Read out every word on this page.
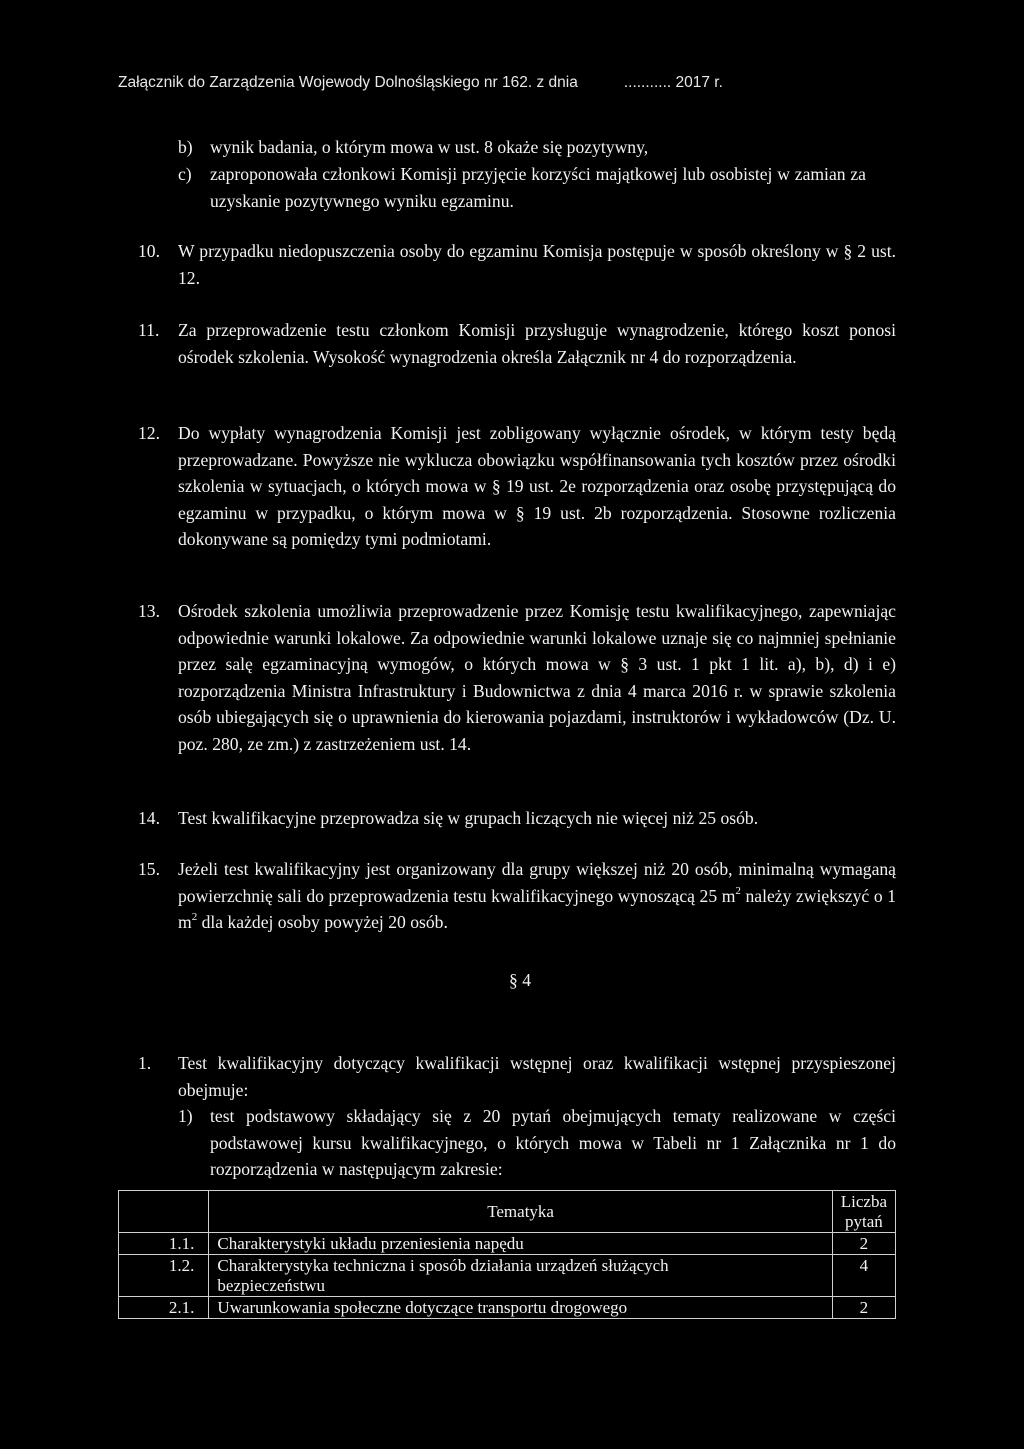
Załącznik do Zarządzenia Wojewody Dolnośląskiego nr 162. z dnia	........... 2017 r.
b) wynik badania, o którym mowa w ust. 8 okaże się pozytywny,
c) zaproponowała członkowi Komisji przyjęcie korzyści majątkowej lub osobistej w zamian za uzyskanie pozytywnego wyniku egzaminu.
10. W przypadku niedopuszczenia osoby do egzaminu Komisja postępuje w sposób określony w § 2 ust. 12.
11. Za przeprowadzenie testu członkom Komisji przysługuje wynagrodzenie, którego koszt ponosi ośrodek szkolenia. Wysokość wynagrodzenia określa Załącznik nr 4 do rozporządzenia.
12. Do wypłaty wynagrodzenia Komisji jest zobligowany wyłącznie ośrodek, w którym testy będą przeprowadzane. Powyższe nie wyklucza obowiązku współfinansowania tych kosztów przez ośrodki szkolenia w sytuacjach, o których mowa w § 19 ust. 2e rozporządzenia oraz osobę przystępującą do egzaminu w przypadku, o którym mowa w § 19 ust. 2b rozporządzenia. Stosowne rozliczenia dokonywane są pomiędzy tymi podmiotami.
13. Ośrodek szkolenia umożliwia przeprowadzenie przez Komisję testu kwalifikacyjnego, zapewniając odpowiednie warunki lokalowe. Za odpowiednie warunki lokalowe uznaje się co najmniej spełnianie przez salę egzaminacyjną wymogów, o których mowa w § 3 ust. 1 pkt 1 lit. a), b), d) i e) rozporządzenia Ministra Infrastruktury i Budownictwa z dnia 4 marca 2016 r. w sprawie szkolenia osób ubiegających się o uprawnienia do kierowania pojazdami, instruktorów i wykładowców (Dz. U. poz. 280, ze zm.) z zastrzeżeniem ust. 14.
14. Test kwalifikacyjne przeprowadza się w grupach liczących nie więcej niż 25 osób.
15. Jeżeli test kwalifikacyjny jest organizowany dla grupy większej niż 20 osób, minimalną wymaganą powierzchnię sali do przeprowadzenia testu kwalifikacyjnego wynoszącą 25 $m^2$ należy zwiększyć o 1 $m^2$ dla każdej osoby powyżej 20 osób.
§ 4
1. Test kwalifikacyjny dotyczący kwalifikacji wstępnej oraz kwalifikacji wstępnej przyspieszonej obejmuje:
1) test podstawowy składający się z 20 pytań obejmujących tematy realizowane w części podstawowej kursu kwalifikacyjnego, o których mowa w Tabeli nr 1 Załącznika nr 1 do rozporządzenia w następującym zakresie:
	Tematyka	Liczba pytań
1.1.	Charakterystyki układu przeniesienia napędu	2
1.2.	Charakterystyka techniczna i sposób działania urządzeń służących bezpieczeństwu	4
2.1.	Uwarunkowania społeczne dotyczące transportu drogowego	2
